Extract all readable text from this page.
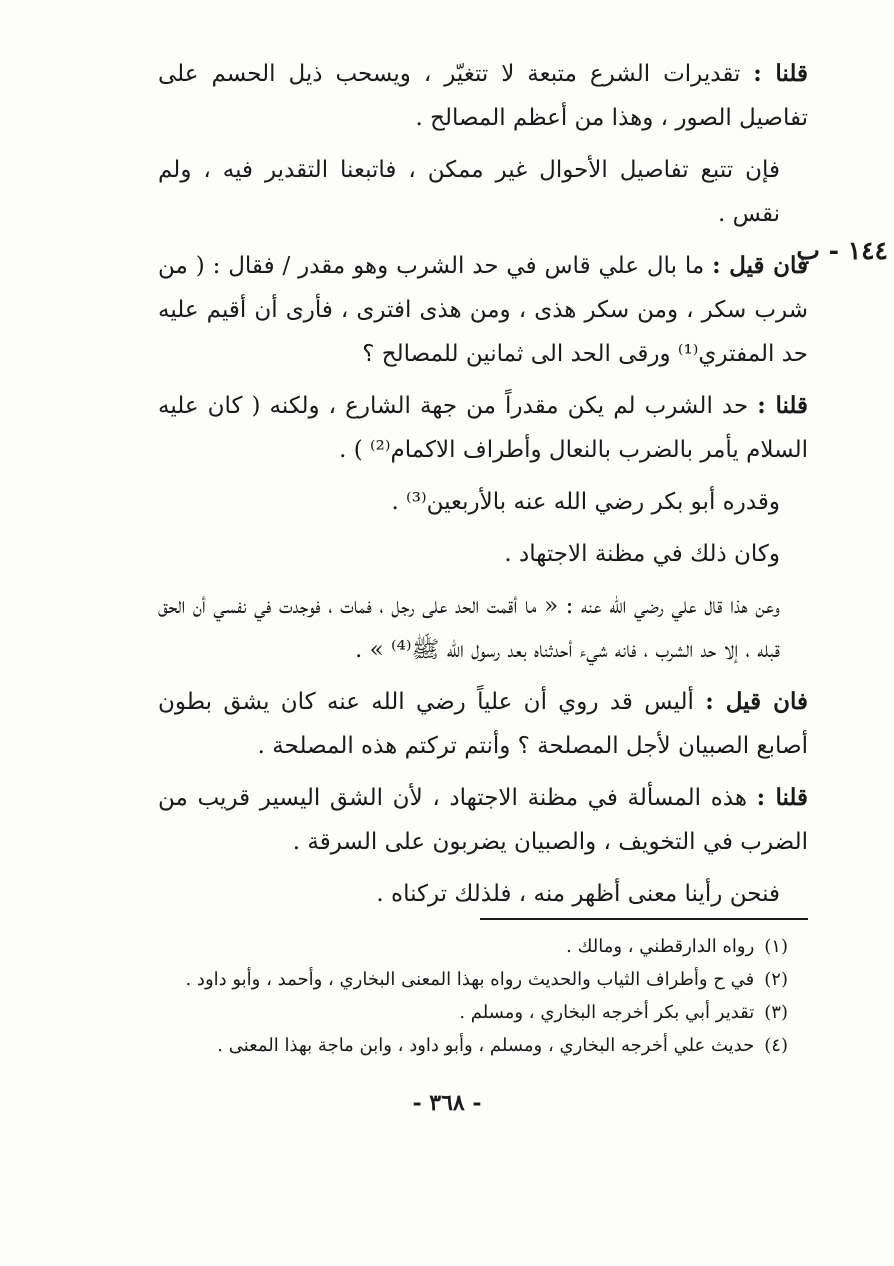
١٤٤ - ب

قلنا : تقديرات الشرع متبعة لا تتغيّر ، ويسحب ذيل الحسم على تفاصيل الصور ، وهذا من أعظم المصالح .

فإن تتبع تفاصيل الأحوال غير ممكن ، فاتبعنا التقدير فيه ، ولم نقس .

فان قيل : ما بال علي قاس في حد الشرب وهو مقدر / فقال : ( من شرب سكر ، ومن سكر هذى ، ومن هذى افترى ، فأرى أن أقيم عليه حد المفتري⁽¹⁾ ورقى الحد الى ثمانين للمصالح ؟

قلنا : حد الشرب لم يكن مقدراً من جهة الشارع ، ولكنه ( كان عليه السلام يأمر بالضرب بالنعال وأطراف الاكمام⁽²⁾ ) .

وقدره أبو بكر رضي الله عنه بالأربعين⁽³⁾ .

وكان ذلك في مظنة الاجتهاد .

وعن هذا قال علي رضي الله عنه : « ما أقمت الحد على رجل ، فمات ، فوجدت في نفسي أن الحق قبله ، إلا حد الشرب ، فانه شيء أحدثناه بعد رسول الله ﷺ⁽⁴⁾ » .

فان قيل : أليس قد روي أن علياً رضي الله عنه كان يشق بطون أصابع الصبيان لأجل المصلحة ؟ وأنتم تركتم هذه المصلحة .

قلنا : هذه المسألة في مظنة الاجتهاد ، لأن الشق اليسير قريب من الضرب في التخويف ، والصبيان يضربون على السرقة .

فنحن رأينا معنى أظهر منه ، فلذلك تركناه .

(١)رواه الدارقطني ، ومالك .

(٢)في ح وأطراف الثياب والحديث رواه بهذا المعنى البخاري ، وأحمد ، وأبو داود .

(٣)تقدير أبي بكر أخرجه البخاري ، ومسلم .

(٤)حديث علي أخرجه البخاري ، ومسلم ، وأبو داود ، وابن ماجة بهذا المعنى .

- ٣٦٨ -
